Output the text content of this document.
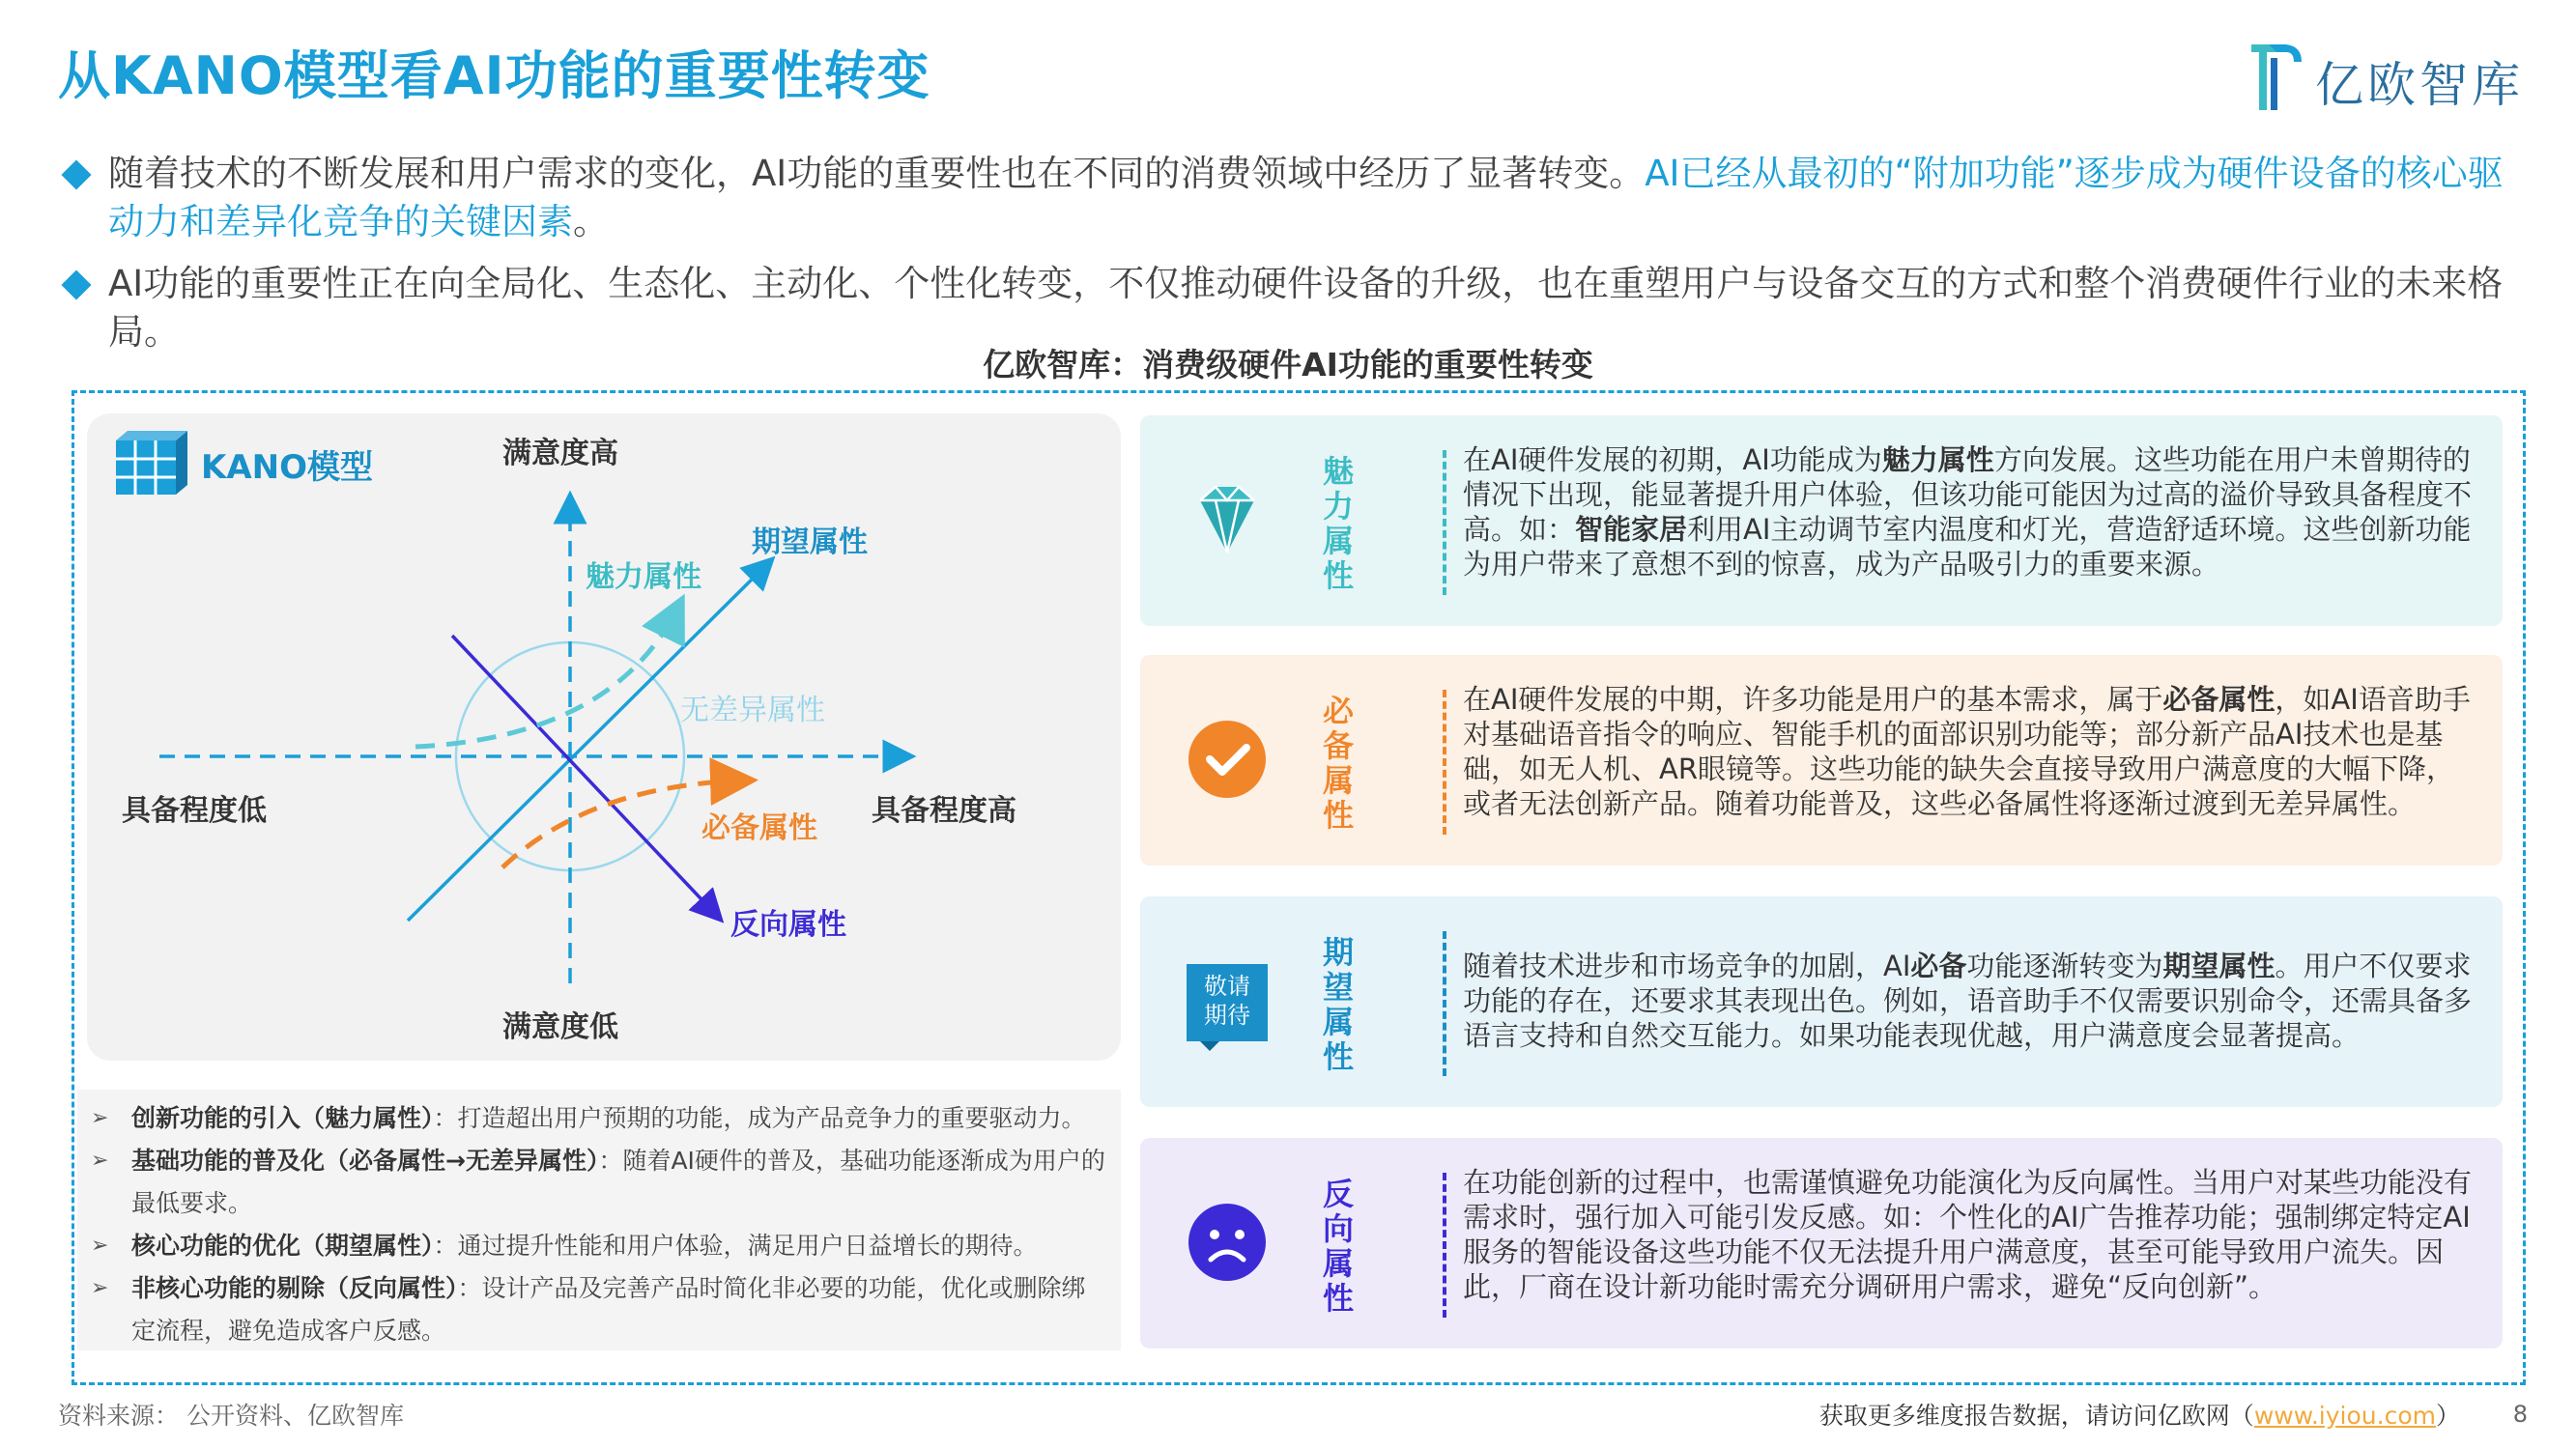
从KANO模型看AI功能的重要性转变	亿欧智库
随着技术的不断发展和用户需求的变化，AI功能的重要性也在不同的消费领域中经历了显著转变。AI已经从最初的“附加功能”逐步成为硬件设备的核心驱动力和差异化竞争的关键因素。
AI功能的重要性正在向全局化、生态化、主动化、个性化转变，不仅推动硬件设备的升级，也在重塑用户与设备交互的方式和整个消费硬件行业的未来格局。
亿欧智库：消费级硬件AI功能的重要性转变
KANO模型	满意度高
满意度低
具备程度低	具备程度高
魅力属性
期望属性
无差异属性
必备属性
反向属性
➢ 创新功能的引入（魅力属性）：打造超出用户预期的功能，成为产品竞争力的重要驱动力。
➢ 基础功能的普及化（必备属性→无差异属性）：随着AI硬件的普及，基础功能逐渐成为用户的最低要求。
➢ 核心功能的优化（期望属性）：通过提升性能和用户体验，满足用户日益增长的期待。
➢ 非核心功能的剔除（反向属性）：设计产品及完善产品时简化非必要的功能，优化或删除绑定流程，避免造成客户反感。
魅
力
属
性
在AI硬件发展的初期，AI功能成为魅力属性方向发展。这些功能在用户未曾期待的情况下出现，能显著提升用户体验，但该功能可能因为过高的溢价导致具备程度不高。如：智能家居利用AI主动调节室内温度和灯光，营造舒适环境。这些创新功能为用户带来了意想不到的惊喜，成为产品吸引力的重要来源。
必
备
属
性
在AI硬件发展的中期，许多功能是用户的基本需求，属于必备属性，如AI语音助手对基础语音指令的响应、智能手机的面部识别功能等；部分新产品AI技术也是基础，如无人机、AR眼镜等。这些功能的缺失会直接导致用户满意度的大幅下降，或者无法创新产品。随着功能普及，这些必备属性将逐渐过渡到无差异属性。
敬请
期待
期
望
属
性
随着技术进步和市场竞争的加剧，AI必备功能逐渐转变为期望属性。用户不仅要求功能的存在，还要求其表现出色。例如，语音助手不仅需要识别命令，还需具备多语言支持和自然交互能力。如果功能表现优越，用户满意度会显著提高。
反
向
属
性
在功能创新的过程中，也需谨慎避免功能演化为反向属性。当用户对某些功能没有需求时，强行加入可能引发反感。如：个性化的AI广告推荐功能；强制绑定特定AI服务的智能设备这些功能不仅无法提升用户满意度，甚至可能导致用户流失。因此，厂商在设计新功能时需充分调研用户需求，避免“反向创新”。
资料来源： 公开资料、亿欧智库	获取更多维度报告数据，请访问亿欧网（www.iyiou.com） 8
